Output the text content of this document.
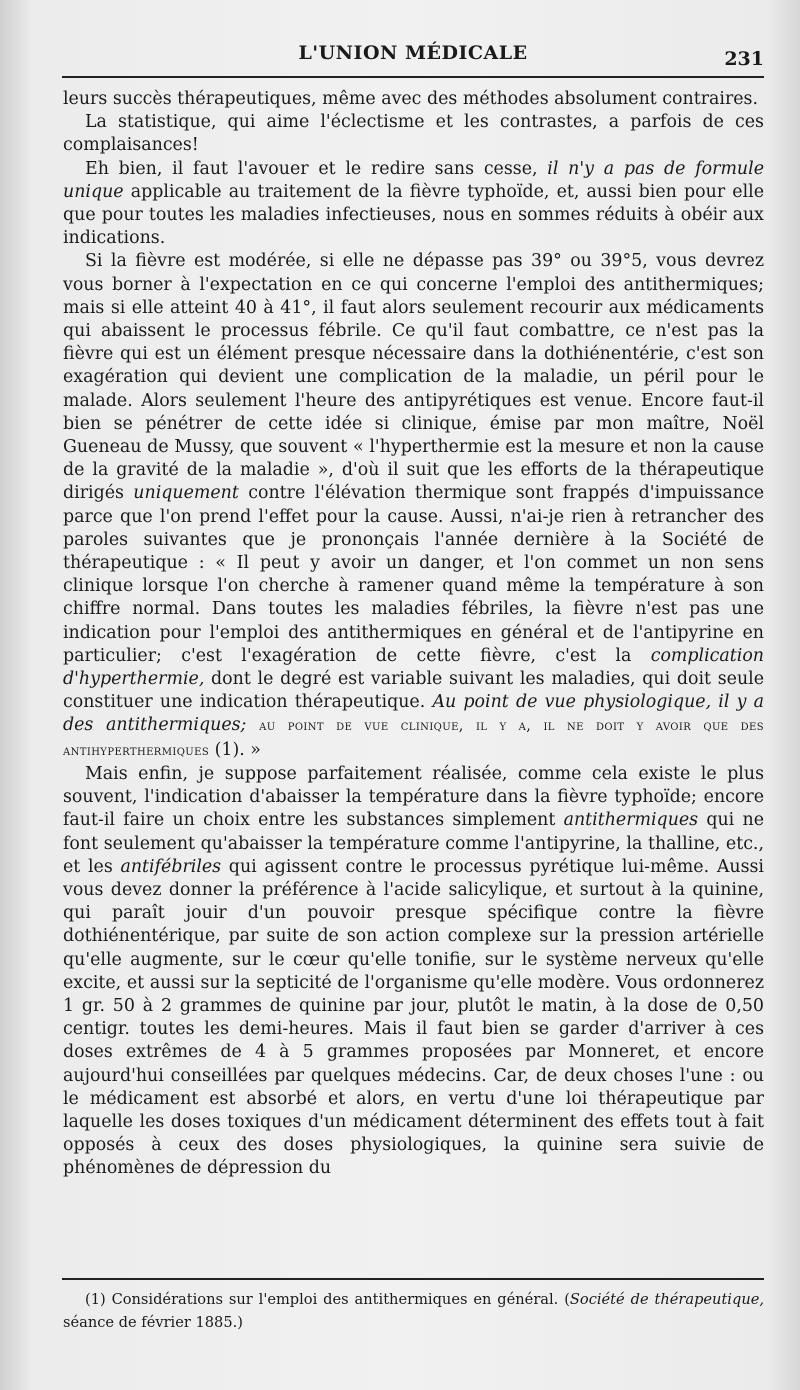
L'UNION MÉDICALE	231

leurs succès thérapeutiques, même avec des méthodes absolument contraires.

La statistique, qui aime l'éclectisme et les contrastes, a parfois de ces complaisances!

Eh bien, il faut l'avouer et le redire sans cesse, il n'y a pas de formule unique applicable au traitement de la fièvre typhoïde, et, aussi bien pour elle que pour toutes les maladies infectieuses, nous en sommes réduits à obéir aux indications.

Si la fièvre est modérée, si elle ne dépasse pas 39° ou 39°5, vous devrez vous borner à l'expectation en ce qui concerne l'emploi des antithermiques; mais si elle atteint 40 à 41°, il faut alors seulement recourir aux médicaments qui abaissent le processus fébrile. Ce qu'il faut combattre, ce n'est pas la fièvre qui est un élément presque nécessaire dans la dothiénentérie, c'est son exagération qui devient une complication de la maladie, un péril pour le malade. Alors seulement l'heure des antipyrétiques est venue. Encore faut-il bien se pénétrer de cette idée si clinique, émise par mon maître, Noël Gueneau de Mussy, que souvent « l'hyperthermie est la mesure et non la cause de la gravité de la maladie », d'où il suit que les efforts de la thérapeutique dirigés uniquement contre l'élévation thermique sont frappés d'impuissance parce que l'on prend l'effet pour la cause. Aussi, n'ai-je rien à retrancher des paroles suivantes que je prononçais l'année dernière à la Société de thérapeutique : « Il peut y avoir un danger, et l'on commet un non sens clinique lorsque l'on cherche à ramener quand même la température à son chiffre normal. Dans toutes les maladies fébriles, la fièvre n'est pas une indication pour l'emploi des antithermiques en général et de l'antipyrine en particulier; c'est l'exagération de cette fièvre, c'est la complication d'hyperthermie, dont le degré est variable suivant les maladies, qui doit seule constituer une indication thérapeutique. Au point de vue physiologique, il y a des antithermiques; au point de vue clinique, il y a, il ne doit y avoir que des antihyperthermiques (1). »

Mais enfin, je suppose parfaitement réalisée, comme cela existe le plus souvent, l'indication d'abaisser la température dans la fièvre typhoïde; encore faut-il faire un choix entre les substances simplement antithermiques qui ne font seulement qu'abaisser la température comme l'antipyrine, la thalline, etc., et les antifébriles qui agissent contre le processus pyrétique lui-même. Aussi vous devez donner la préférence à l'acide salicylique, et surtout à la quinine, qui paraît jouir d'un pouvoir presque spécifique contre la fièvre dothiénentérique, par suite de son action complexe sur la pression artérielle qu'elle augmente, sur le cœur qu'elle tonifie, sur le système nerveux qu'elle excite, et aussi sur la septicité de l'organisme qu'elle modère. Vous ordonnerez 1 gr. 50 à 2 grammes de quinine par jour, plutôt le matin, à la dose de 0,50 centigr. toutes les demi-heures. Mais il faut bien se garder d'arriver à ces doses extrêmes de 4 à 5 grammes proposées par Monneret, et encore aujourd'hui conseillées par quelques médecins. Car, de deux choses l'une : ou le médicament est absorbé et alors, en vertu d'une loi thérapeutique par laquelle les doses toxiques d'un médicament déterminent des effets tout à fait opposés à ceux des doses physiologiques, la quinine sera suivie de phénomènes de dépression du

(1) Considérations sur l'emploi des antithermiques en général. (Société de thérapeutique, séance de février 1885.)
